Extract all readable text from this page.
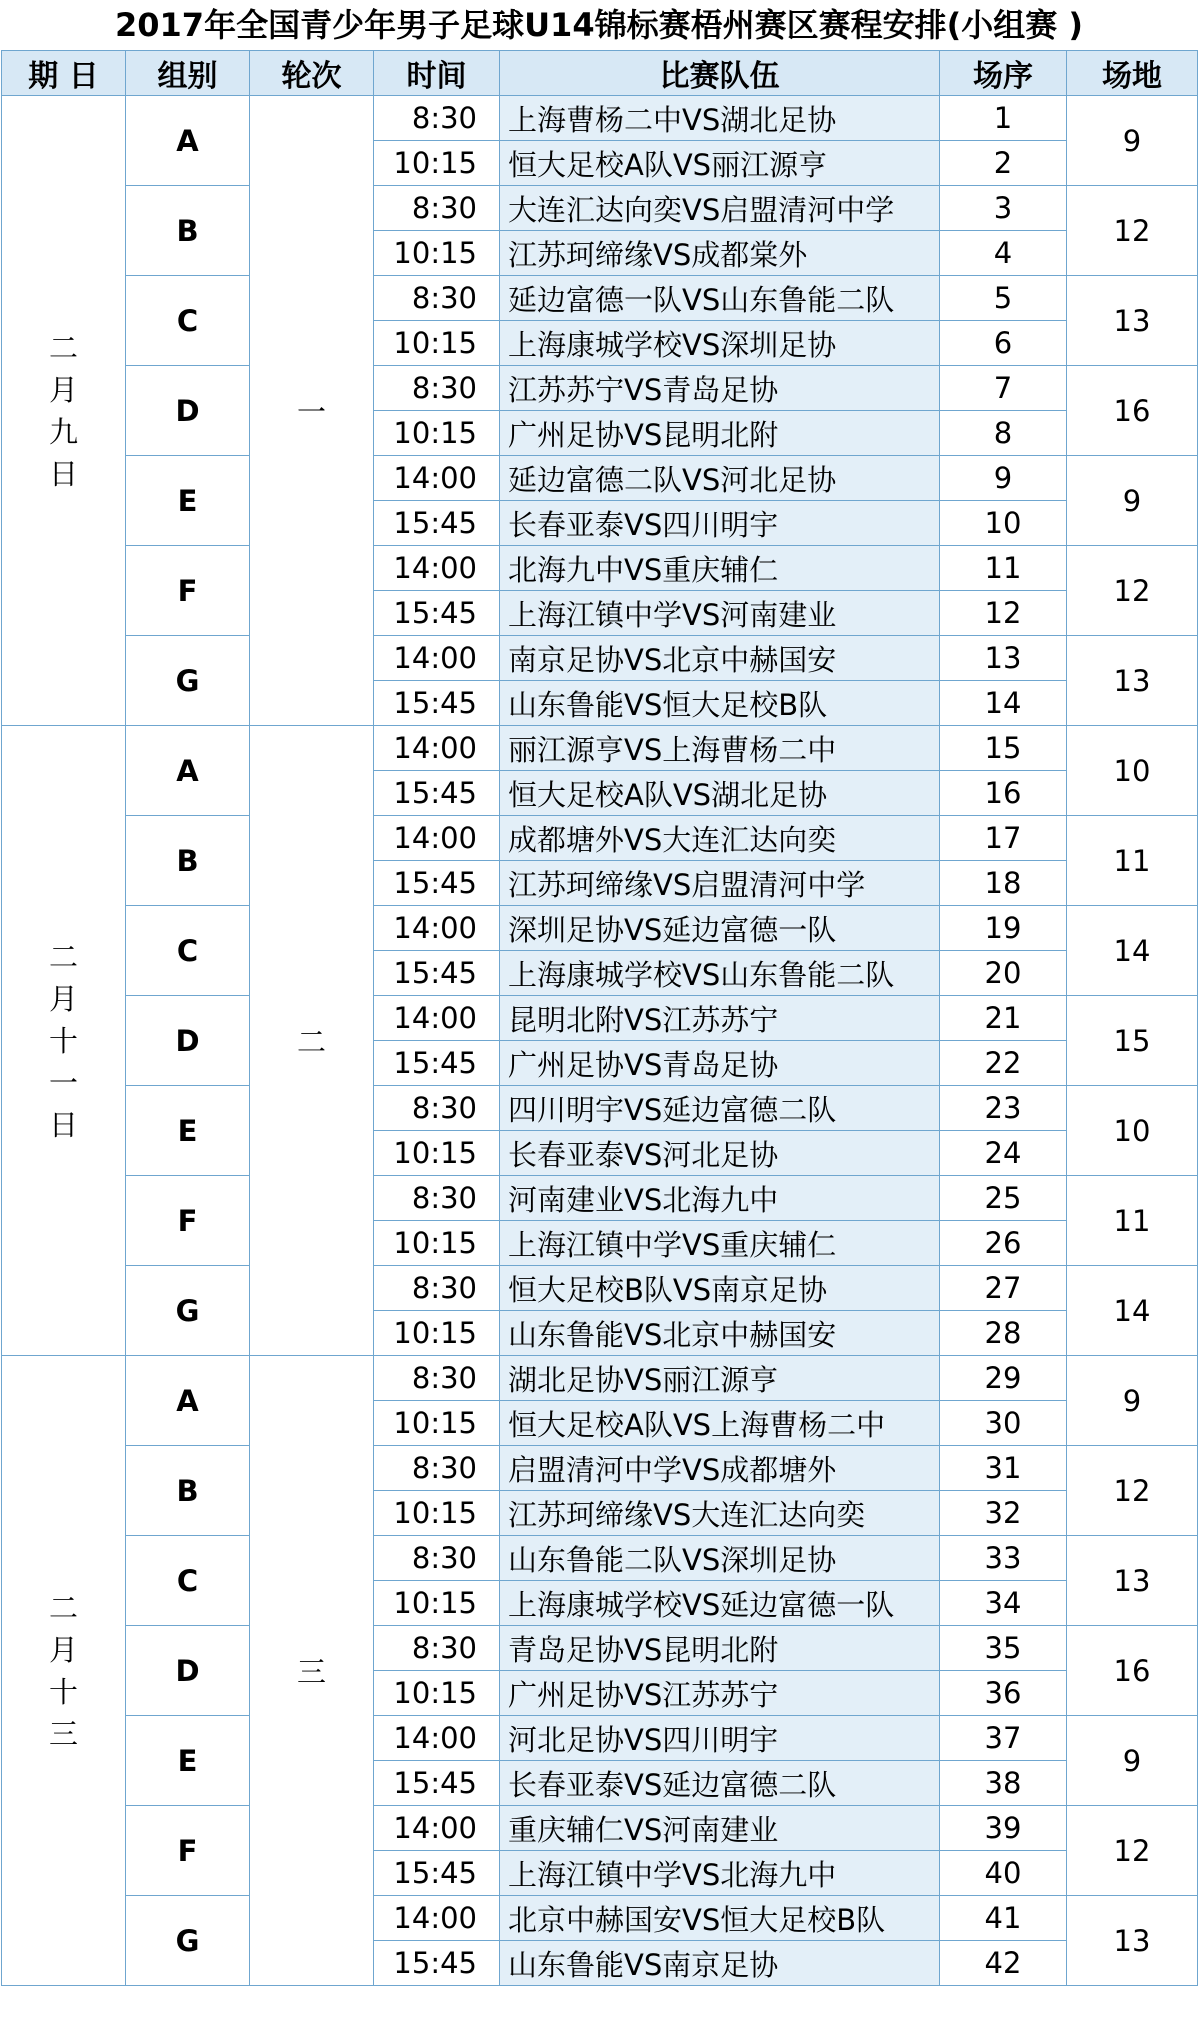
2017年全国青少年男子足球U14锦标赛梧州赛区赛程安排(小组赛 )
期 日	组别	轮次	时间	比赛队伍	场序	场地

二
月
九
日	A	一	8:30	上海曹杨二中VS湖北足协	1	9
			10:15	恒大足校A队VS丽江源亨	2	
	B		8:30	大连汇达向奕VS启盟清河中学	3	12
			10:15	江苏珂缔缘VS成都棠外	4	
	C		8:30	延边富德一队VS山东鲁能二队	5	13
			10:15	上海康城学校VS深圳足协	6	
	D		8:30	江苏苏宁VS青岛足协	7	16
			10:15	广州足协VS昆明北附	8	
	E		14:00	延边富德二队VS河北足协	9	9
			15:45	长春亚泰VS四川明宇	10	
	F		14:00	北海九中VS重庆辅仁	11	12
			15:45	上海江镇中学VS河南建业	12	
	G		14:00	南京足协VS北京中赫国安	13	13
			15:45	山东鲁能VS恒大足校B队	14	

二
月
十
一
日	A	二	14:00	丽江源亨VS上海曹杨二中	15	10
			15:45	恒大足校A队VS湖北足协	16	
	B		14:00	成都塘外VS大连汇达向奕	17	11
			15:45	江苏珂缔缘VS启盟清河中学	18	
	C		14:00	深圳足协VS延边富德一队	19	14
			15:45	上海康城学校VS山东鲁能二队	20	
	D		14:00	昆明北附VS江苏苏宁	21	15
			15:45	广州足协VS青岛足协	22	
	E		8:30	四川明宇VS延边富德二队	23	10
			10:15	长春亚泰VS河北足协	24	
	F		8:30	河南建业VS北海九中	25	11
			10:15	上海江镇中学VS重庆辅仁	26	
	G		8:30	恒大足校B队VS南京足协	27	14
			10:15	山东鲁能VS北京中赫国安	28	

二
月
十
三	A	三	8:30	湖北足协VS丽江源亨	29	9
			10:15	恒大足校A队VS上海曹杨二中	30	
	B		8:30	启盟清河中学VS成都塘外	31	12
			10:15	江苏珂缔缘VS大连汇达向奕	32	
	C		8:30	山东鲁能二队VS深圳足协	33	13
			10:15	上海康城学校VS延边富德一队	34	
	D		8:30	青岛足协VS昆明北附	35	16
			10:15	广州足协VS江苏苏宁	36	
	E		14:00	河北足协VS四川明宇	37	9
			15:45	长春亚泰VS延边富德二队	38	
	F		14:00	重庆辅仁VS河南建业	39	12
			15:45	上海江镇中学VS北海九中	40	
	G		14:00	北京中赫国安VS恒大足校B队	41	13
			15:45	山东鲁能VS南京足协	42	
